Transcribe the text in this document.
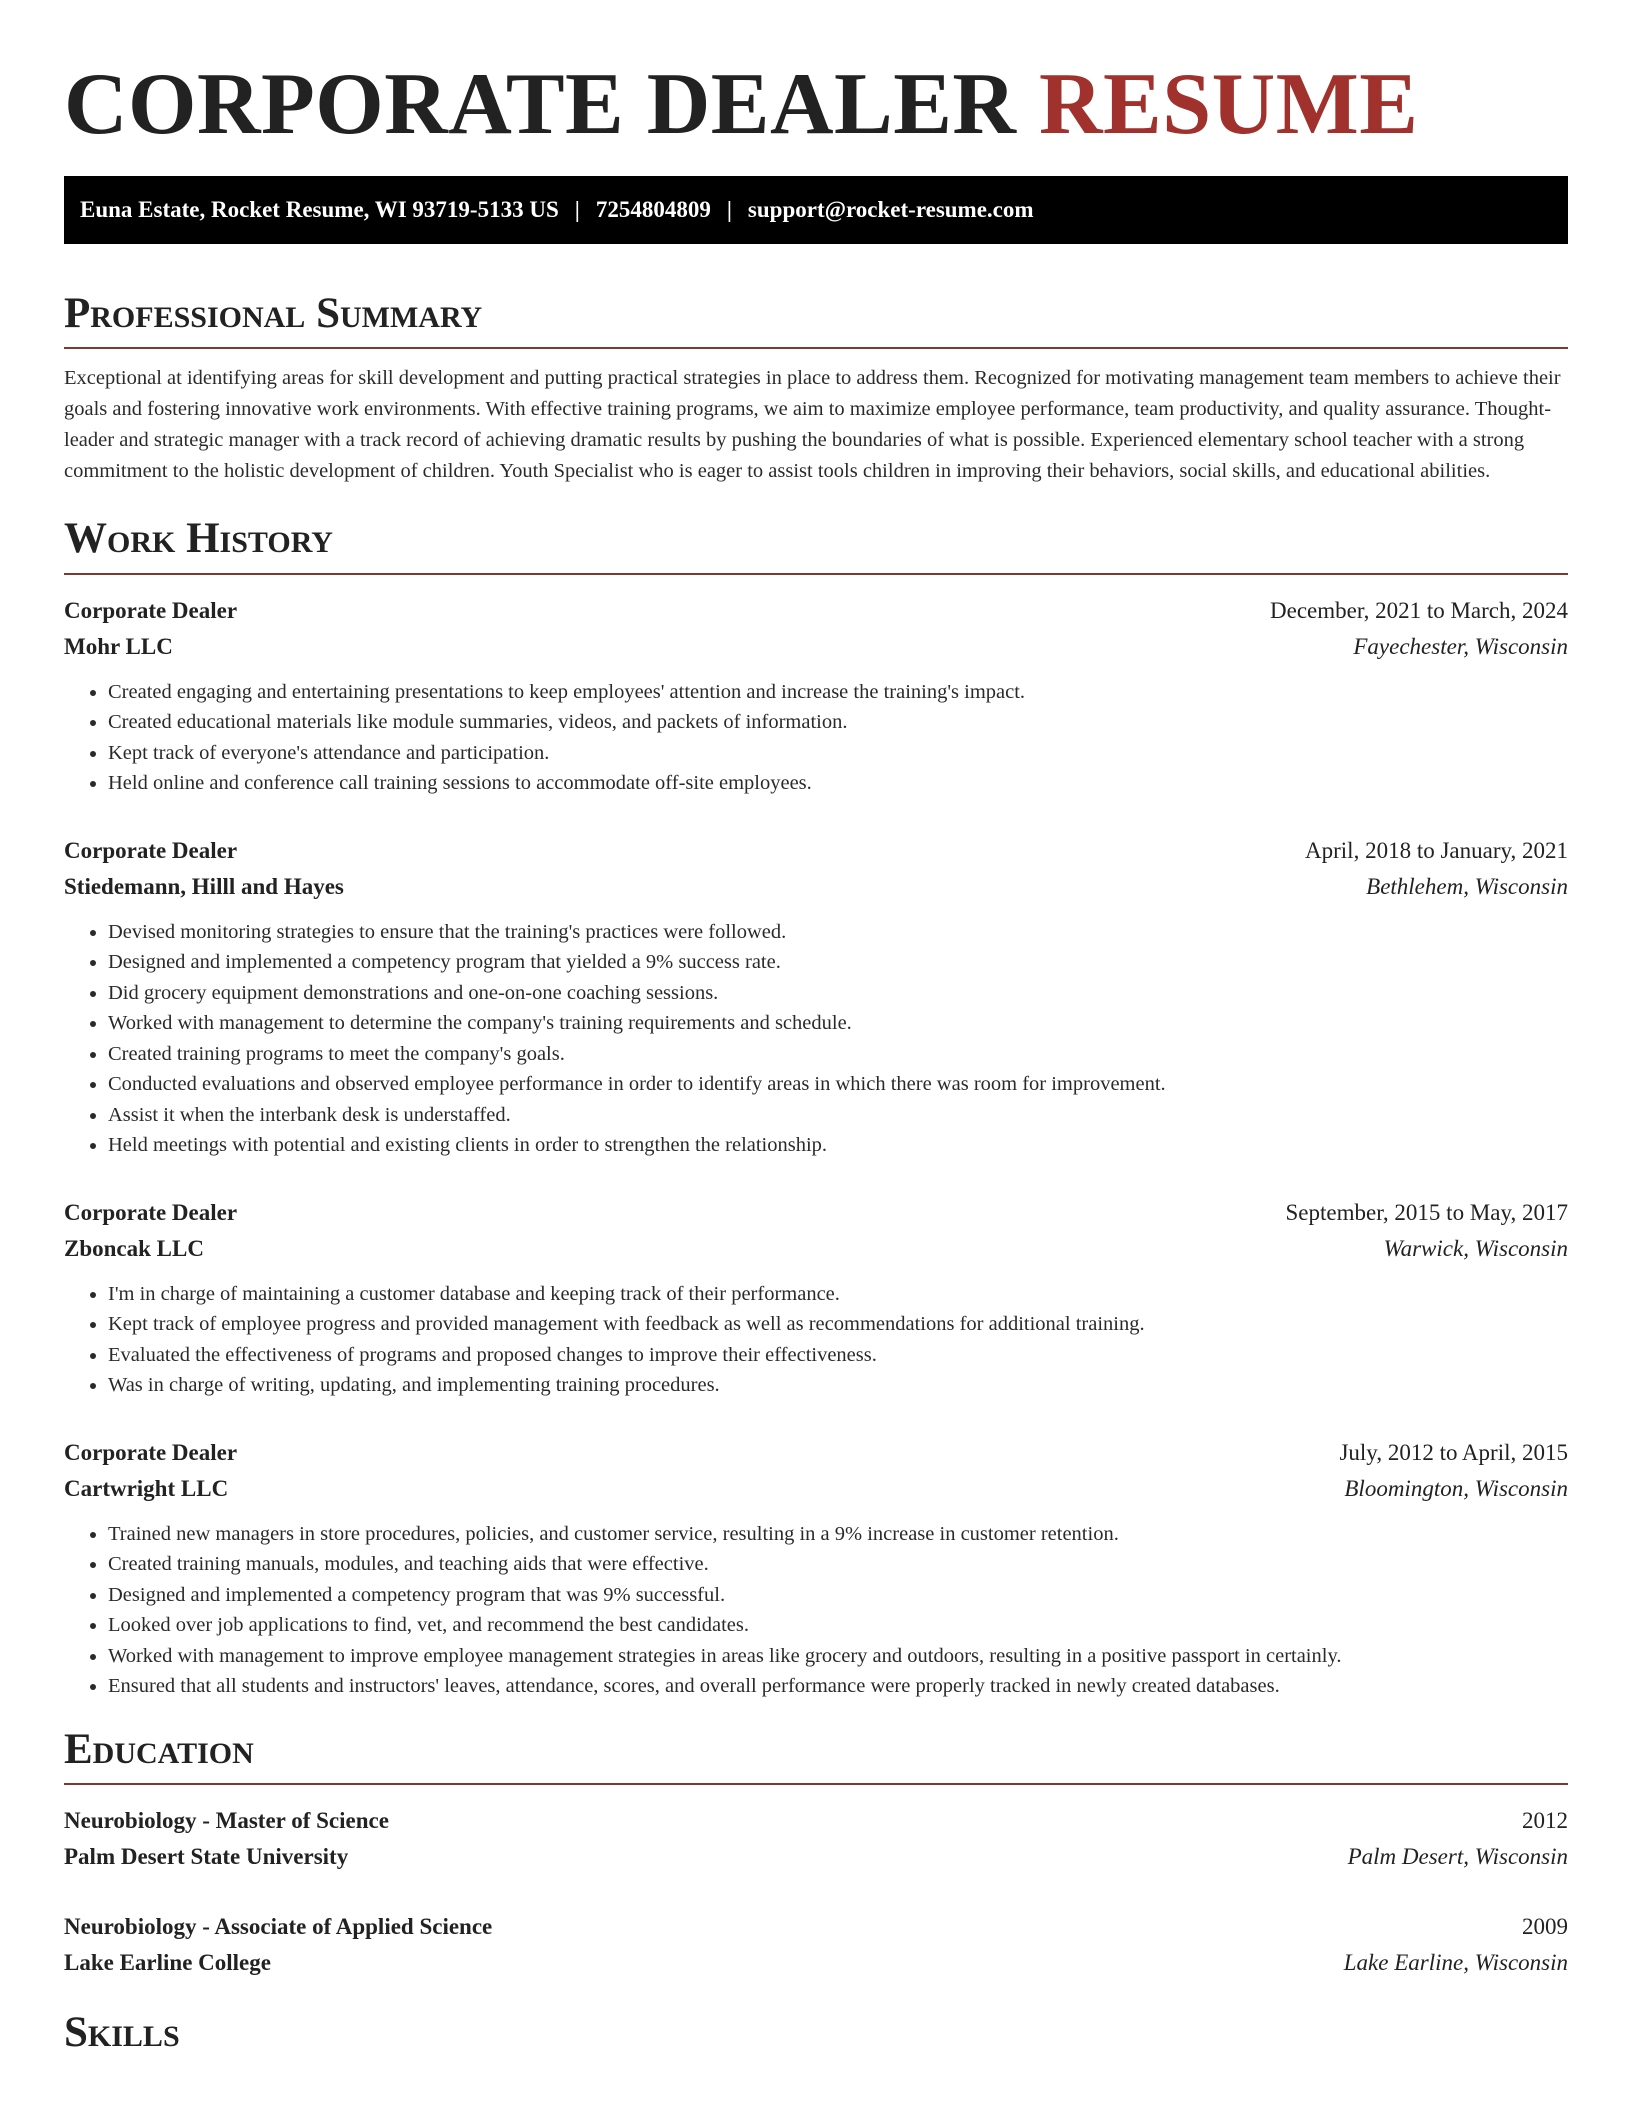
CORPORATE DEALER RESUME
Euna Estate, Rocket Resume, WI 93719-5133 US | 7254804809 | support@rocket-resume.com
Professional Summary

Exceptional at identifying areas for skill development and putting practical strategies in place to address them. Recognized for motivating management team members to achieve their goals and fostering innovative work environments. With effective training programs, we aim to maximize employee performance, team productivity, and quality assurance. Thought-leader and strategic manager with a track record of achieving dramatic results by pushing the boundaries of what is possible. Experienced elementary school teacher with a strong commitment to the holistic development of children. Youth Specialist who is eager to assist tools children in improving their behaviors, social skills, and educational abilities.

Work History
Corporate Dealer	December, 2021 to March, 2024
Mohr LLC	Fayechester, Wisconsin
• Created engaging and entertaining presentations to keep employees' attention and increase the training's impact.
• Created educational materials like module summaries, videos, and packets of information.
• Kept track of everyone's attendance and participation.
• Held online and conference call training sessions to accommodate off-site employees.
Corporate Dealer	April, 2018 to January, 2021
Stiedemann, Hilll and Hayes	Bethlehem, Wisconsin
• Devised monitoring strategies to ensure that the training's practices were followed.
• Designed and implemented a competency program that yielded a 9% success rate.
• Did grocery equipment demonstrations and one-on-one coaching sessions.
• Worked with management to determine the company's training requirements and schedule.
• Created training programs to meet the company's goals.
• Conducted evaluations and observed employee performance in order to identify areas in which there was room for improvement.
• Assist it when the interbank desk is understaffed.
• Held meetings with potential and existing clients in order to strengthen the relationship.
Corporate Dealer	September, 2015 to May, 2017
Zboncak LLC	Warwick, Wisconsin
• I'm in charge of maintaining a customer database and keeping track of their performance.
• Kept track of employee progress and provided management with feedback as well as recommendations for additional training.
• Evaluated the effectiveness of programs and proposed changes to improve their effectiveness.
• Was in charge of writing, updating, and implementing training procedures.
Corporate Dealer	July, 2012 to April, 2015
Cartwright LLC	Bloomington, Wisconsin
• Trained new managers in store procedures, policies, and customer service, resulting in a 9% increase in customer retention.
• Created training manuals, modules, and teaching aids that were effective.
• Designed and implemented a competency program that was 9% successful.
• Looked over job applications to find, vet, and recommend the best candidates.
• Worked with management to improve employee management strategies in areas like grocery and outdoors, resulting in a positive passport in certainly.
• Ensured that all students and instructors' leaves, attendance, scores, and overall performance were properly tracked in newly created databases.
Education
Neurobiology - Master of Science	2012
Palm Desert State University	Palm Desert, Wisconsin
Neurobiology - Associate of Applied Science	2009
Lake Earline College	Lake Earline, Wisconsin
Skills
